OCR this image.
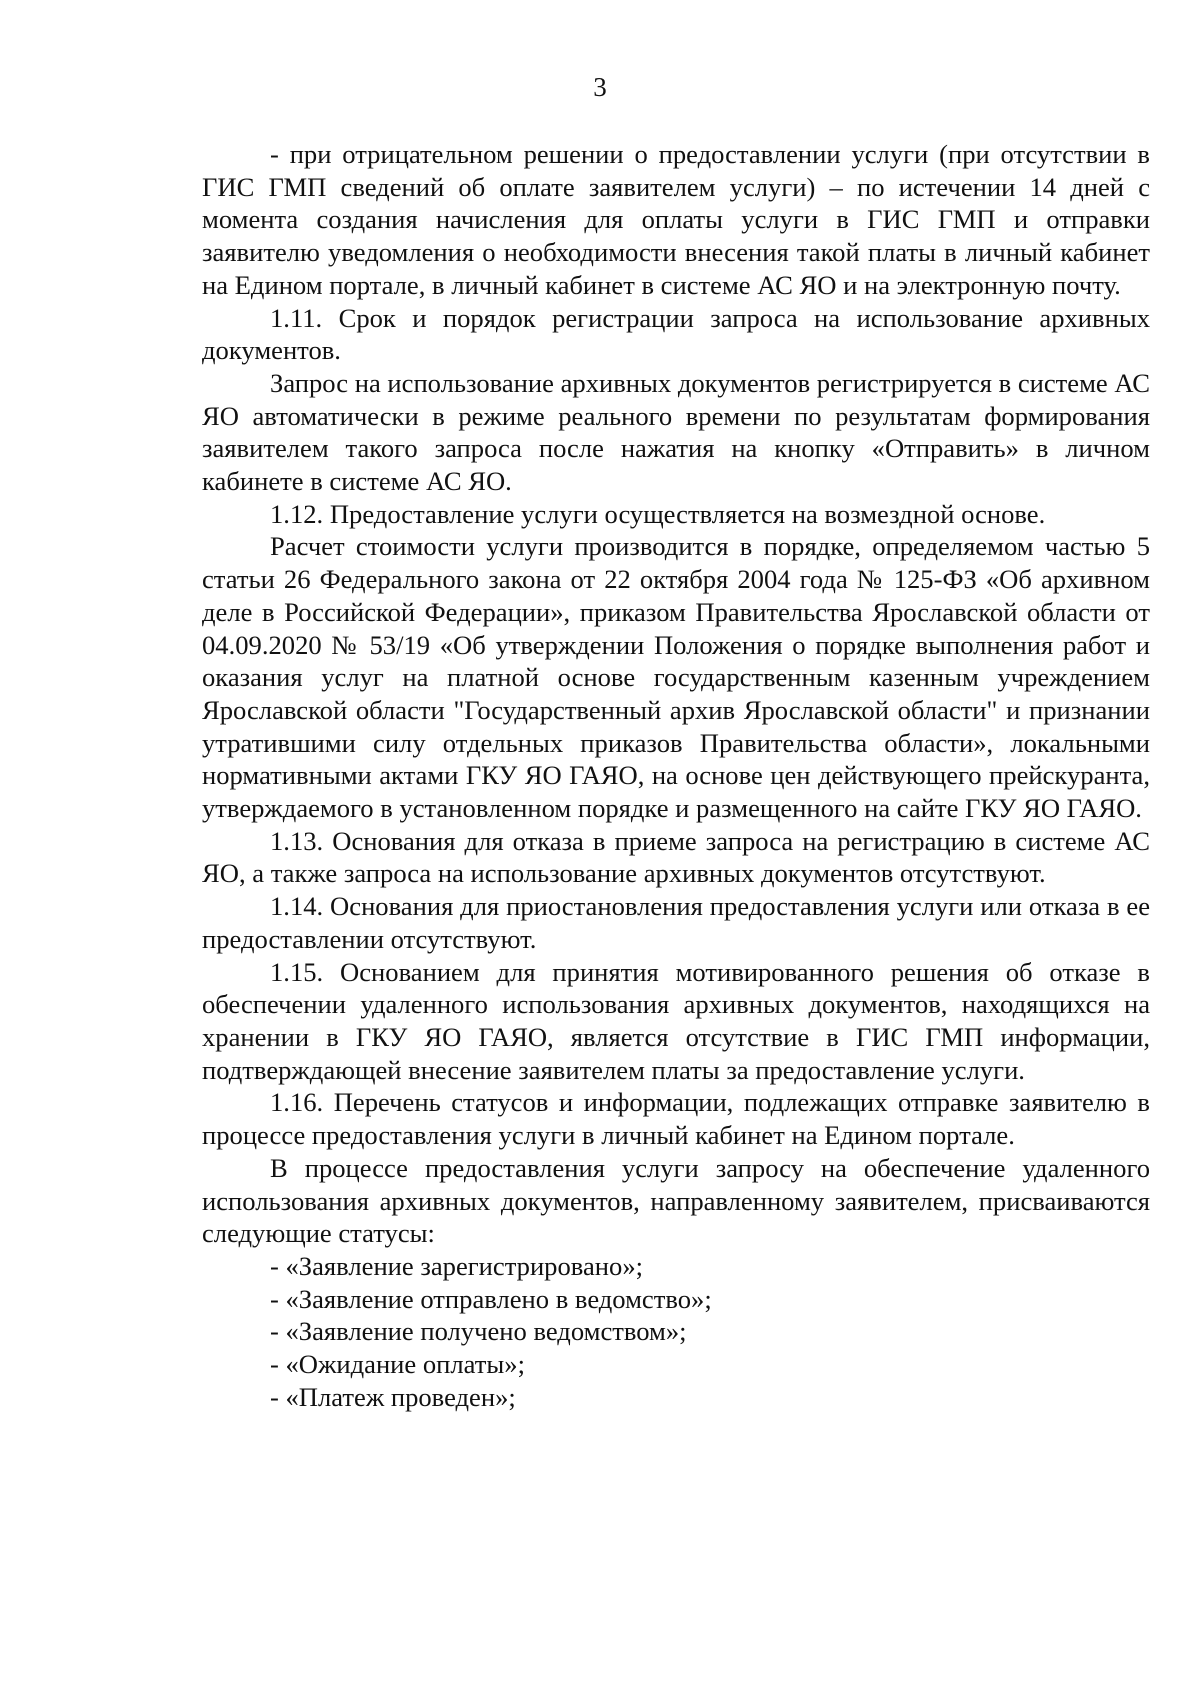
3

- при отрицательном решении о предоставлении услуги (при отсутствии в ГИС ГМП сведений об оплате заявителем услуги) – по истечении 14 дней с момента создания начисления для оплаты услуги в ГИС ГМП и отправки заявителю уведомления о необходимости внесения такой платы в личный кабинет на Едином портале, в личный кабинет в системе АС ЯО и на электронную почту.

1.11. Срок и порядок регистрации запроса на использование архивных документов.

Запрос на использование архивных документов регистрируется в системе АС ЯО автоматически в режиме реального времени по результатам формирования заявителем такого запроса после нажатия на кнопку «Отправить» в личном кабинете в системе АС ЯО.

1.12. Предоставление услуги осуществляется на возмездной основе.

Расчет стоимости услуги производится в порядке, определяемом частью 5 статьи 26 Федерального закона от 22 октября 2004 года № 125-ФЗ «Об архивном деле в Российской Федерации», приказом Правительства Ярославской области от 04.09.2020 № 53/19 «Об утверждении Положения о порядке выполнения работ и оказания услуг на платной основе государственным казенным учреждением Ярославской области "Государственный архив Ярославской области" и признании утратившими силу отдельных приказов Правительства области», локальными нормативными актами ГКУ ЯО ГАЯО, на основе цен действующего прейскуранта, утверждаемого в установленном порядке и размещенного на сайте ГКУ ЯО ГАЯО.

1.13. Основания для отказа в приеме запроса на регистрацию в системе АС ЯО, а также запроса на использование архивных документов отсутствуют.

1.14. Основания для приостановления предоставления услуги или отказа в ее предоставлении отсутствуют.

1.15. Основанием для принятия мотивированного решения об отказе в обеспечении удаленного использования архивных документов, находящихся на хранении в ГКУ ЯО ГАЯО, является отсутствие в ГИС ГМП информации, подтверждающей внесение заявителем платы за предоставление услуги.

1.16. Перечень статусов и информации, подлежащих отправке заявителю в процессе предоставления услуги в личный кабинет на Едином портале.

В процессе предоставления услуги запросу на обеспечение удаленного использования архивных документов, направленному заявителем, присваиваются следующие статусы:

- «Заявление зарегистрировано»;
- «Заявление отправлено в ведомство»;
- «Заявление получено ведомством»;
- «Ожидание оплаты»;
- «Платеж проведен»;
